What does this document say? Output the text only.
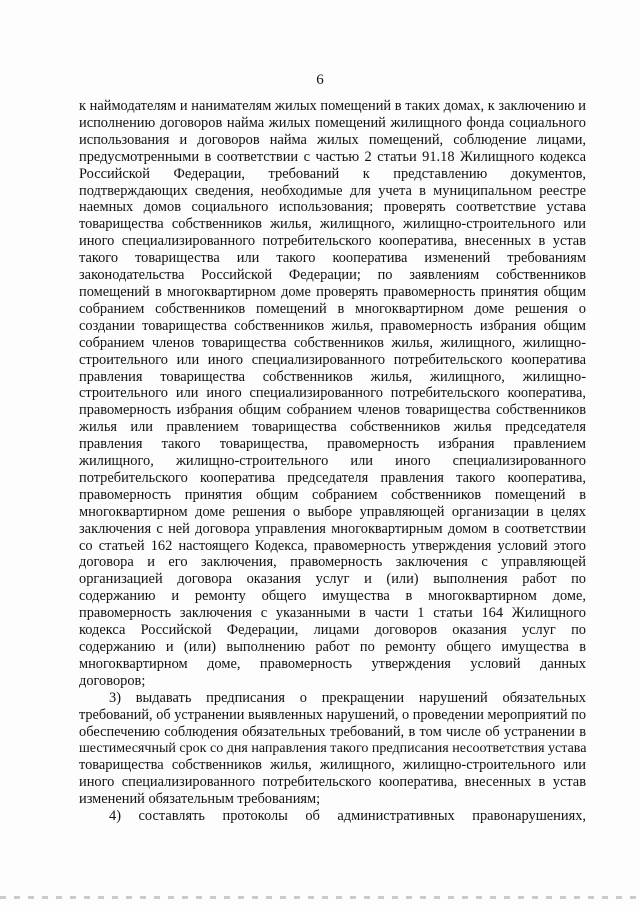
6
к наймодателям и нанимателям жилых помещений в таких домах, к заключению и
исполнению договоров найма жилых помещений жилищного фонда социального
использования и договоров найма жилых помещений, соблюдение лицами,
предусмотренными в соответствии с частью 2 статьи 91.18 Жилищного кодекса
Российской Федерации, требований к представлению документов,
подтверждающих сведения, необходимые для учета в муниципальном реестре
наемных домов социального использования; проверять соответствие устава
товарищества собственников жилья, жилищного, жилищно-строительного или
иного специализированного потребительского кооператива, внесенных в устав
такого товарищества или такого кооператива изменений требованиям
законодательства Российской Федерации; по заявлениям собственников
помещений в многоквартирном доме проверять правомерность принятия общим
собранием собственников помещений в многоквартирном доме решения о
создании товарищества собственников жилья, правомерность избрания общим
собранием членов товарищества собственников жилья, жилищного, жилищно-
строительного или иного специализированного потребительского кооператива
правления товарищества собственников жилья, жилищного, жилищно-
строительного или иного специализированного потребительского кооператива,
правомерность избрания общим собранием членов товарищества собственников
жилья или правлением товарищества собственников жилья председателя
правления такого товарищества, правомерность избрания правлением
жилищного, жилищно-строительного или иного специализированного
потребительского кооператива председателя правления такого кооператива,
правомерность принятия общим собранием собственников помещений в
многоквартирном доме решения о выборе управляющей организации в целях
заключения с ней договора управления многоквартирным домом в соответствии
со статьей 162 настоящего Кодекса, правомерность утверждения условий этого
договора и его заключения, правомерность заключения с управляющей
организацией договора оказания услуг и (или) выполнения работ по
содержанию и ремонту общего имущества в многоквартирном доме,
правомерность заключения с указанными в части 1 статьи 164 Жилищного
кодекса Российской Федерации, лицами договоров оказания услуг по
содержанию и (или) выполнению работ по ремонту общего имущества в
многоквартирном доме, правомерность утверждения условий данных
договоров;
3) выдавать предписания о прекращении нарушений обязательных
требований, об устранении выявленных нарушений, о проведении мероприятий по
обеспечению соблюдения обязательных требований, в том числе об устранении в
шестимесячный срок со дня направления такого предписания несоответствия устава
товарищества собственников жилья, жилищного, жилищно-строительного или
иного специализированного потребительского кооператива, внесенных в устав
изменений обязательным требованиям;
4) составлять протоколы об административных правонарушениях,
